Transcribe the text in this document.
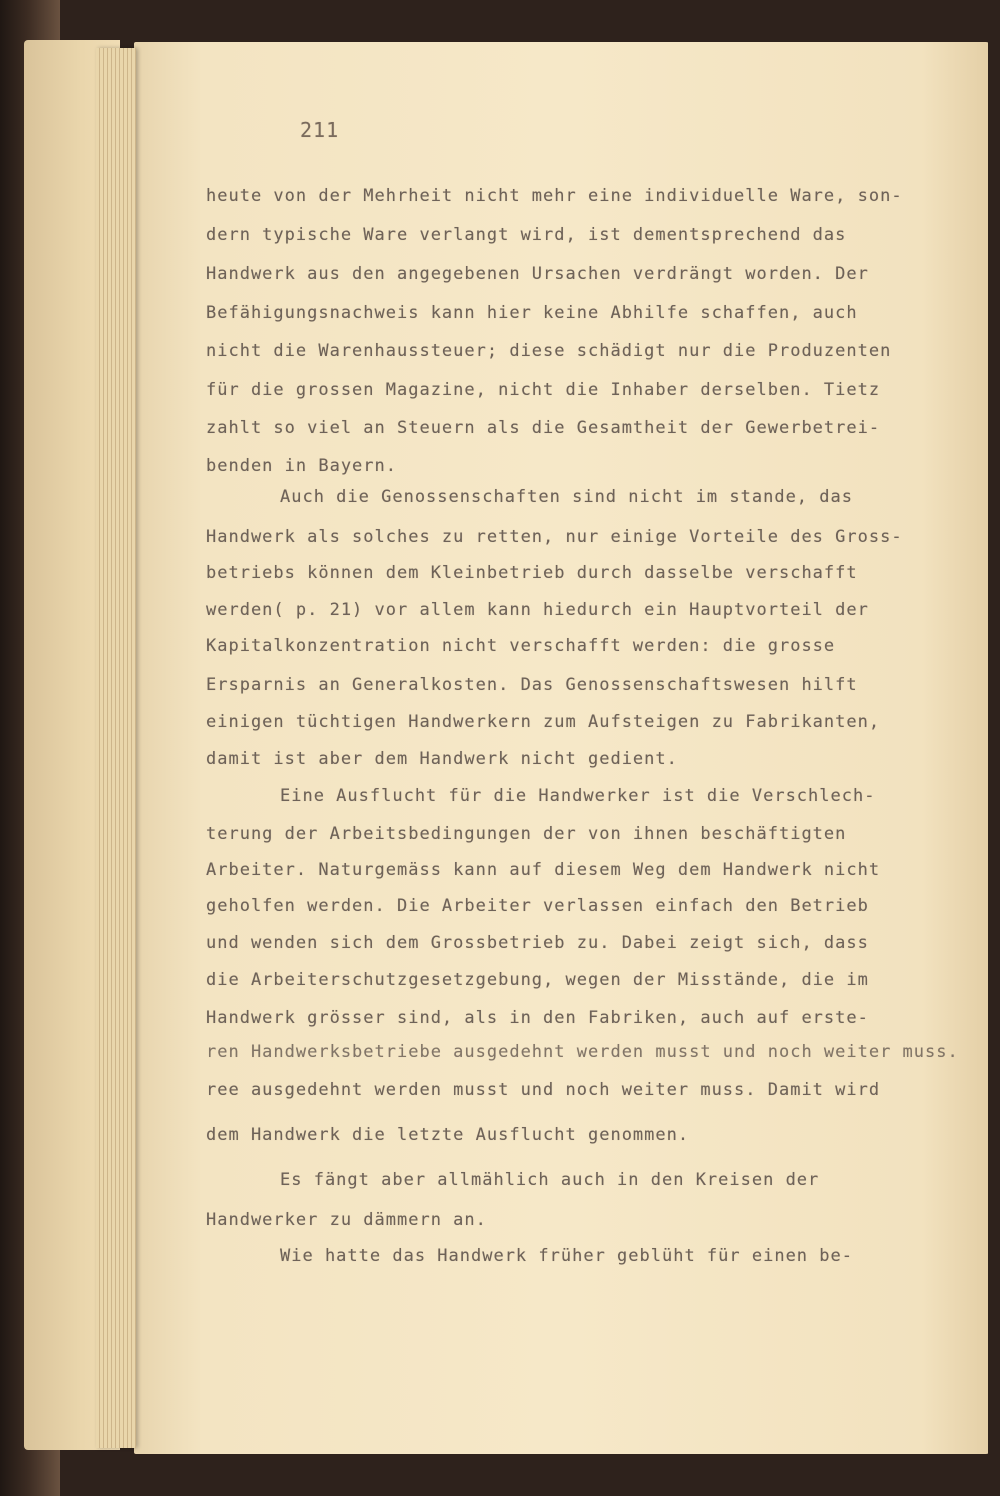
211
heute von der Mehrheit nicht mehr eine individuelle Ware, son-
dern typische Ware verlangt wird, ist dementsprechend das
Handwerk aus den angegebenen Ursachen verdrängt worden. Der
Befähigungsnachweis kann hier keine Abhilfe schaffen, auch
nicht die Warenhaussteuer; diese schädigt nur die Produzenten
für die grossen Magazine, nicht die Inhaber derselben. Tietz
zahlt so viel an Steuern als die Gesamtheit der Gewerbetrei-
benden in Bayern.
Auch die Genossenschaften sind nicht im stande, das
Handwerk als solches zu retten, nur einige Vorteile des Gross-
betriebs können dem Kleinbetrieb durch dasselbe verschafft
werden( p. 21) vor allem kann hiedurch ein Hauptvorteil der
Kapitalkonzentration nicht verschafft werden: die grosse
Ersparnis an Generalkosten. Das Genossenschaftswesen hilft
einigen tüchtigen Handwerkern zum Aufsteigen zu Fabrikanten,
damit ist aber dem Handwerk nicht gedient.
Eine Ausflucht für die Handwerker ist die Verschlech-
terung der Arbeitsbedingungen der von ihnen beschäftigten
Arbeiter. Naturgemäss kann auf diesem Weg dem Handwerk nicht
geholfen werden. Die Arbeiter verlassen einfach den Betrieb
und wenden sich dem Grossbetrieb zu. Dabei zeigt sich, dass
die Arbeiterschutzgesetzgebung, wegen der Misstände, die im
Handwerk grösser sind, als in den Fabriken, auch auf erste-
ren Handwerksbetriebe ausgedehnt werden musst und noch weiter muss.
ree ausgedehnt werden musst und noch weiter muss. Damit wird
dem Handwerk die letzte Ausflucht genommen.
Es fängt aber allmählich auch in den Kreisen der
Handwerker zu dämmern an.
Wie hatte das Handwerk früher geblüht für einen be-
